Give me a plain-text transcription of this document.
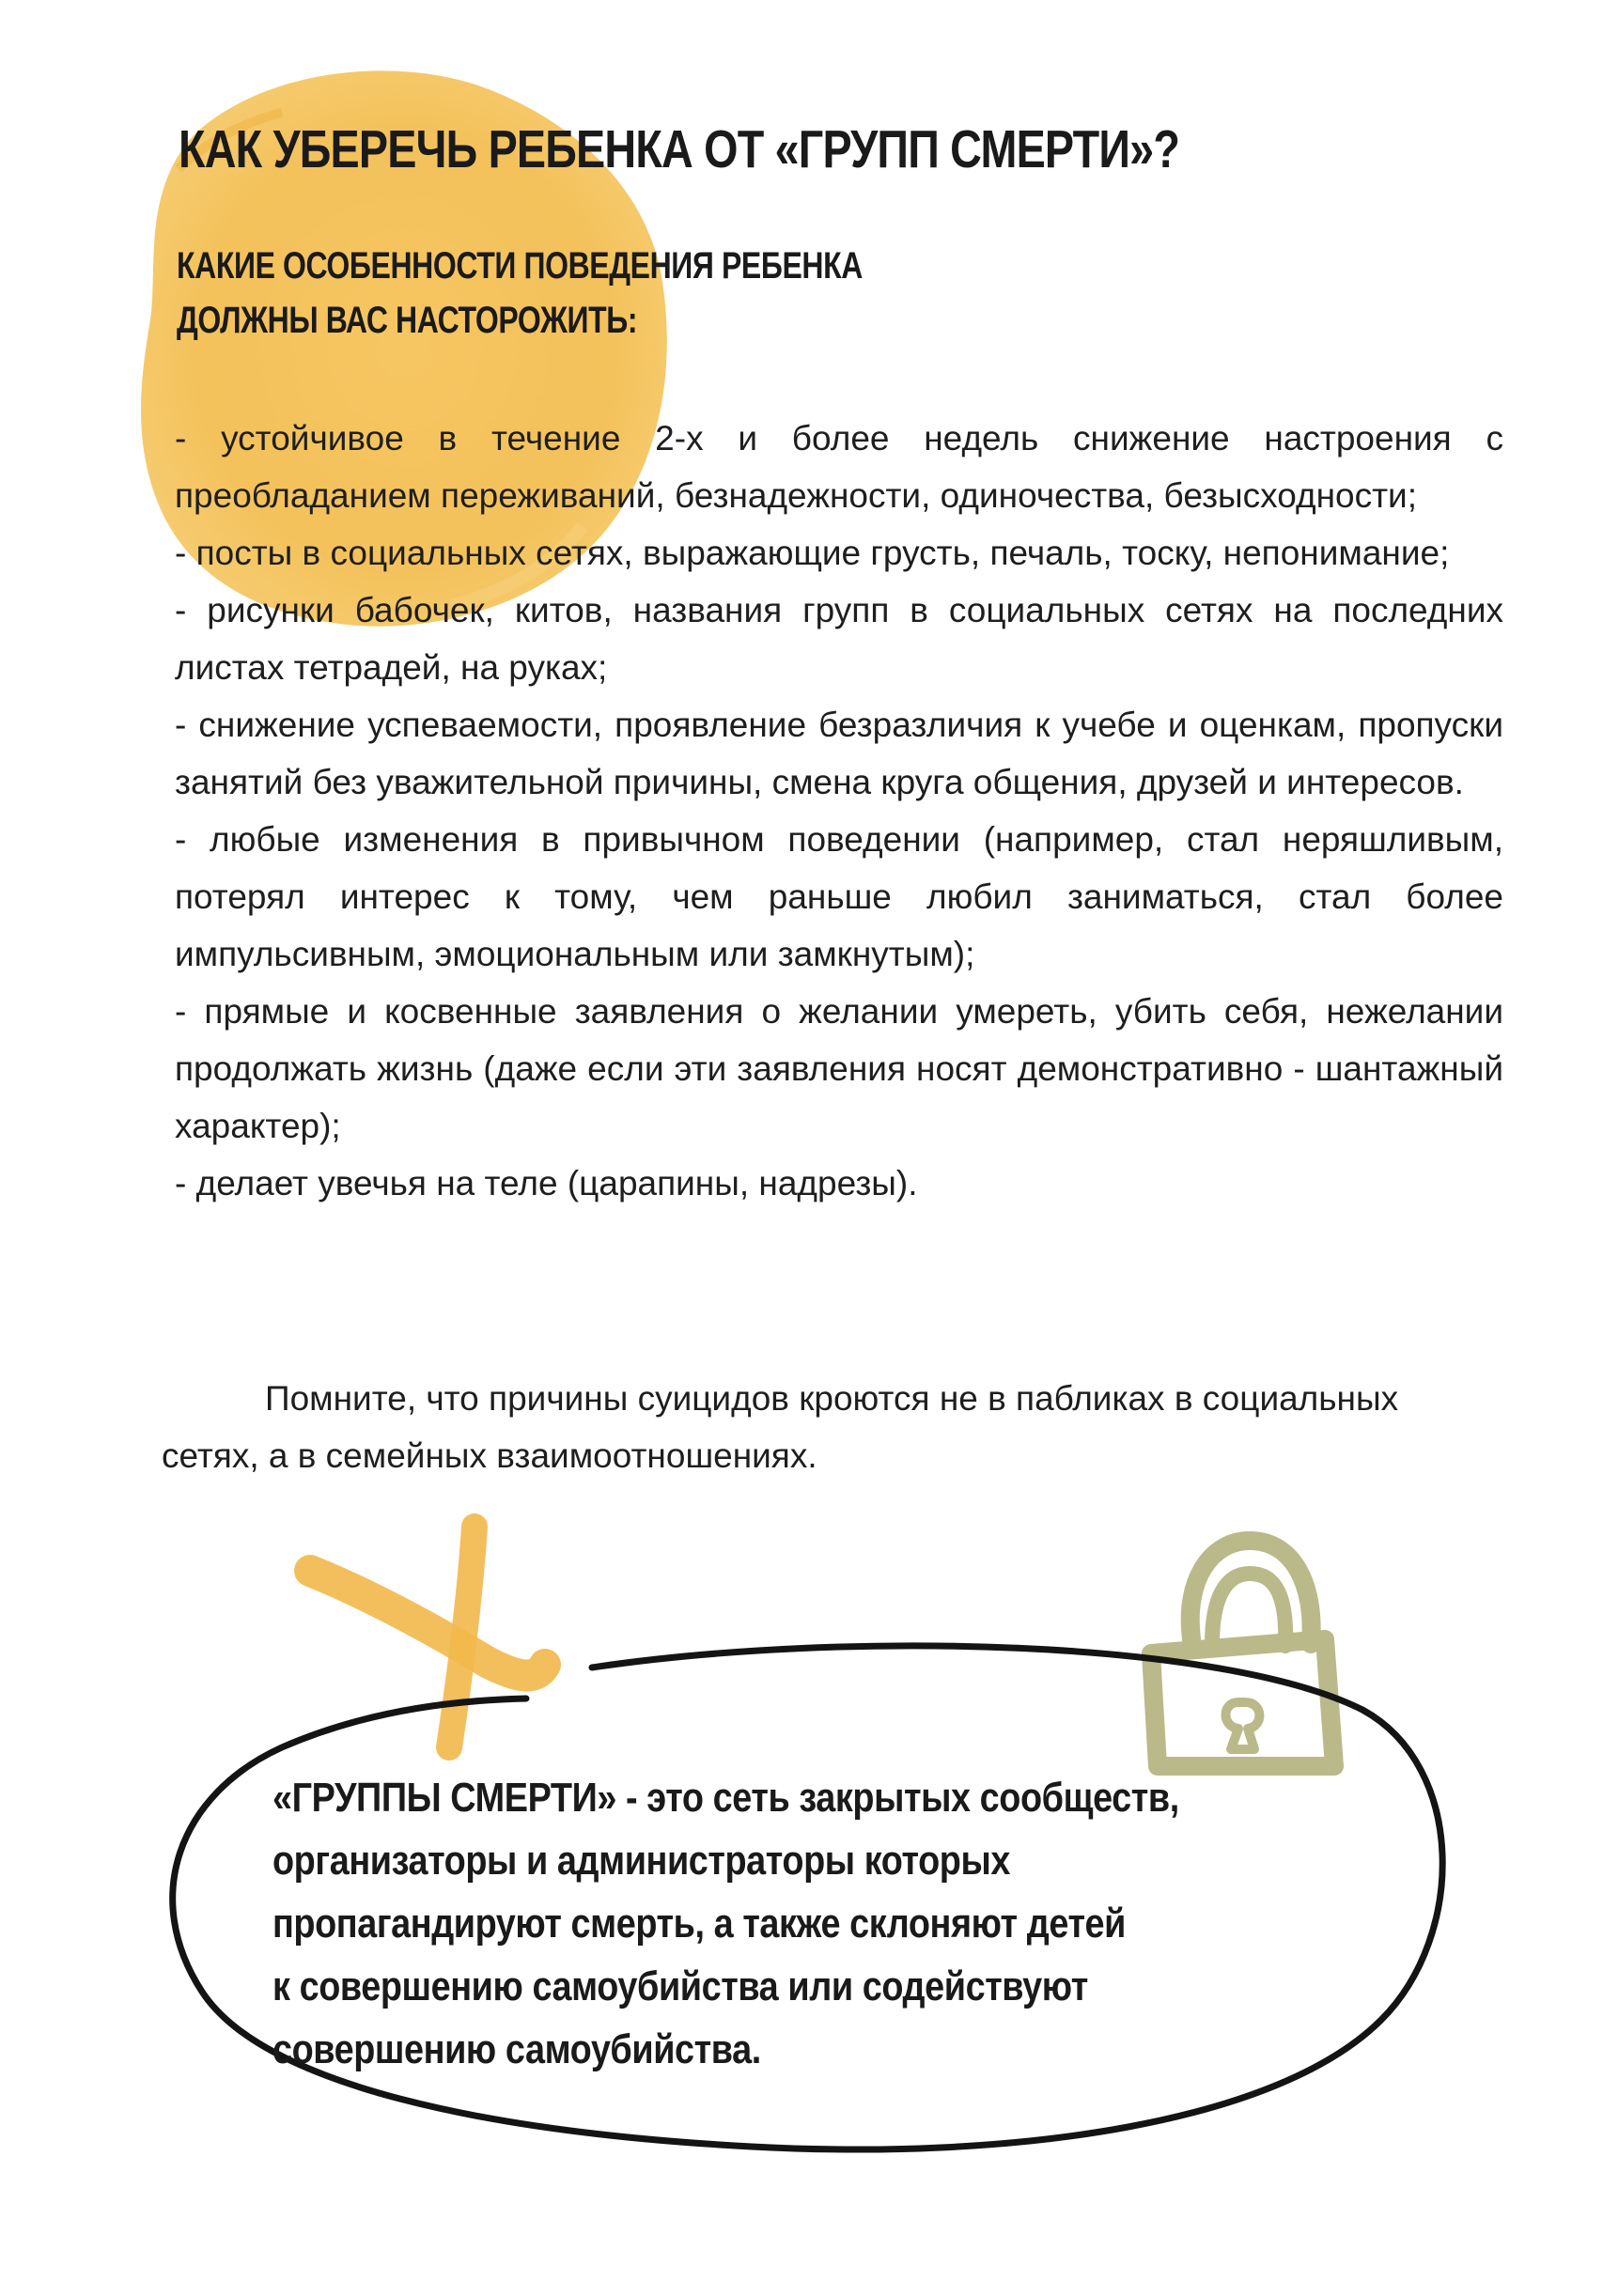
КАК УБЕРЕЧЬ РЕБЕНКА ОТ «ГРУПП СМЕРТИ»?
КАКИЕ ОСОБЕННОСТИ ПОВЕДЕНИЯ РЕБЕНКА
ДОЛЖНЫ ВАС НАСТОРОЖИТЬ:
- устойчивое в течение 2-х и более недель снижение настроения с преобладанием переживаний, безнадежности, одиночества, безысходности;
- посты в социальных сетях, выражающие грусть, печаль, тоску, непонимание;
- рисунки бабочек, китов, названия групп в социальных сетях на последних листах тетрадей, на руках;
- снижение успеваемости, проявление безразличия к учебе и оценкам, пропуски занятий без уважительной причины, смена круга общения, друзей и интересов.
- любые изменения в привычном поведении (например, стал неряшливым, потерял интерес к тому, чем раньше любил заниматься, стал более импульсивным, эмоциональным или замкнутым);
- прямые и косвенные заявления о желании умереть, убить себя, нежелании продолжать жизнь (даже если эти заявления носят демонстративно - шантажный характер);
- делает увечья на теле (царапины, надрезы).

Помните, что причины суицидов кроются не в пабликах в социальных сетях, а в семейных взаимоотношениях.

«ГРУППЫ СМЕРТИ» - это сеть закрытых сообществ,
организаторы и администраторы которых
пропагандируют смерть, а также склоняют детей
к совершению самоубийства или содействуют
совершению самоубийства.
